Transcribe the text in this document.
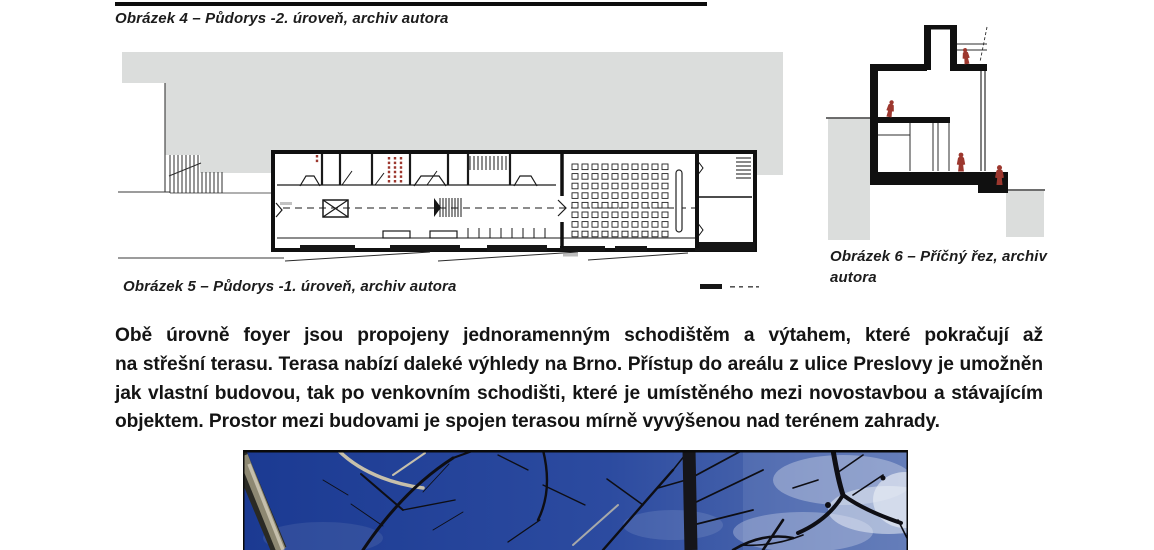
Obrázek 4 – Půdorys -2. úroveň, archiv autora
Obrázek 5 – Půdorys -1. úroveň, archiv autora
Obrázek 6 – Příčný řez, archiv autora
Obě úrovně foyer jsou propojeny jednoramenným schodištěm a výtahem, které pokračují až
na střešní terasu. Terasa nabízí daleké výhledy na Brno. Přístup do areálu z ulice Preslovy je umožněn
jak vlastní budovou, tak po venkovním schodišti, které je umístěného mezi novostavbou a stávajícím
objektem. Prostor mezi budovami je spojen terasou mírně vyvýšenou nad terénem zahrady.
